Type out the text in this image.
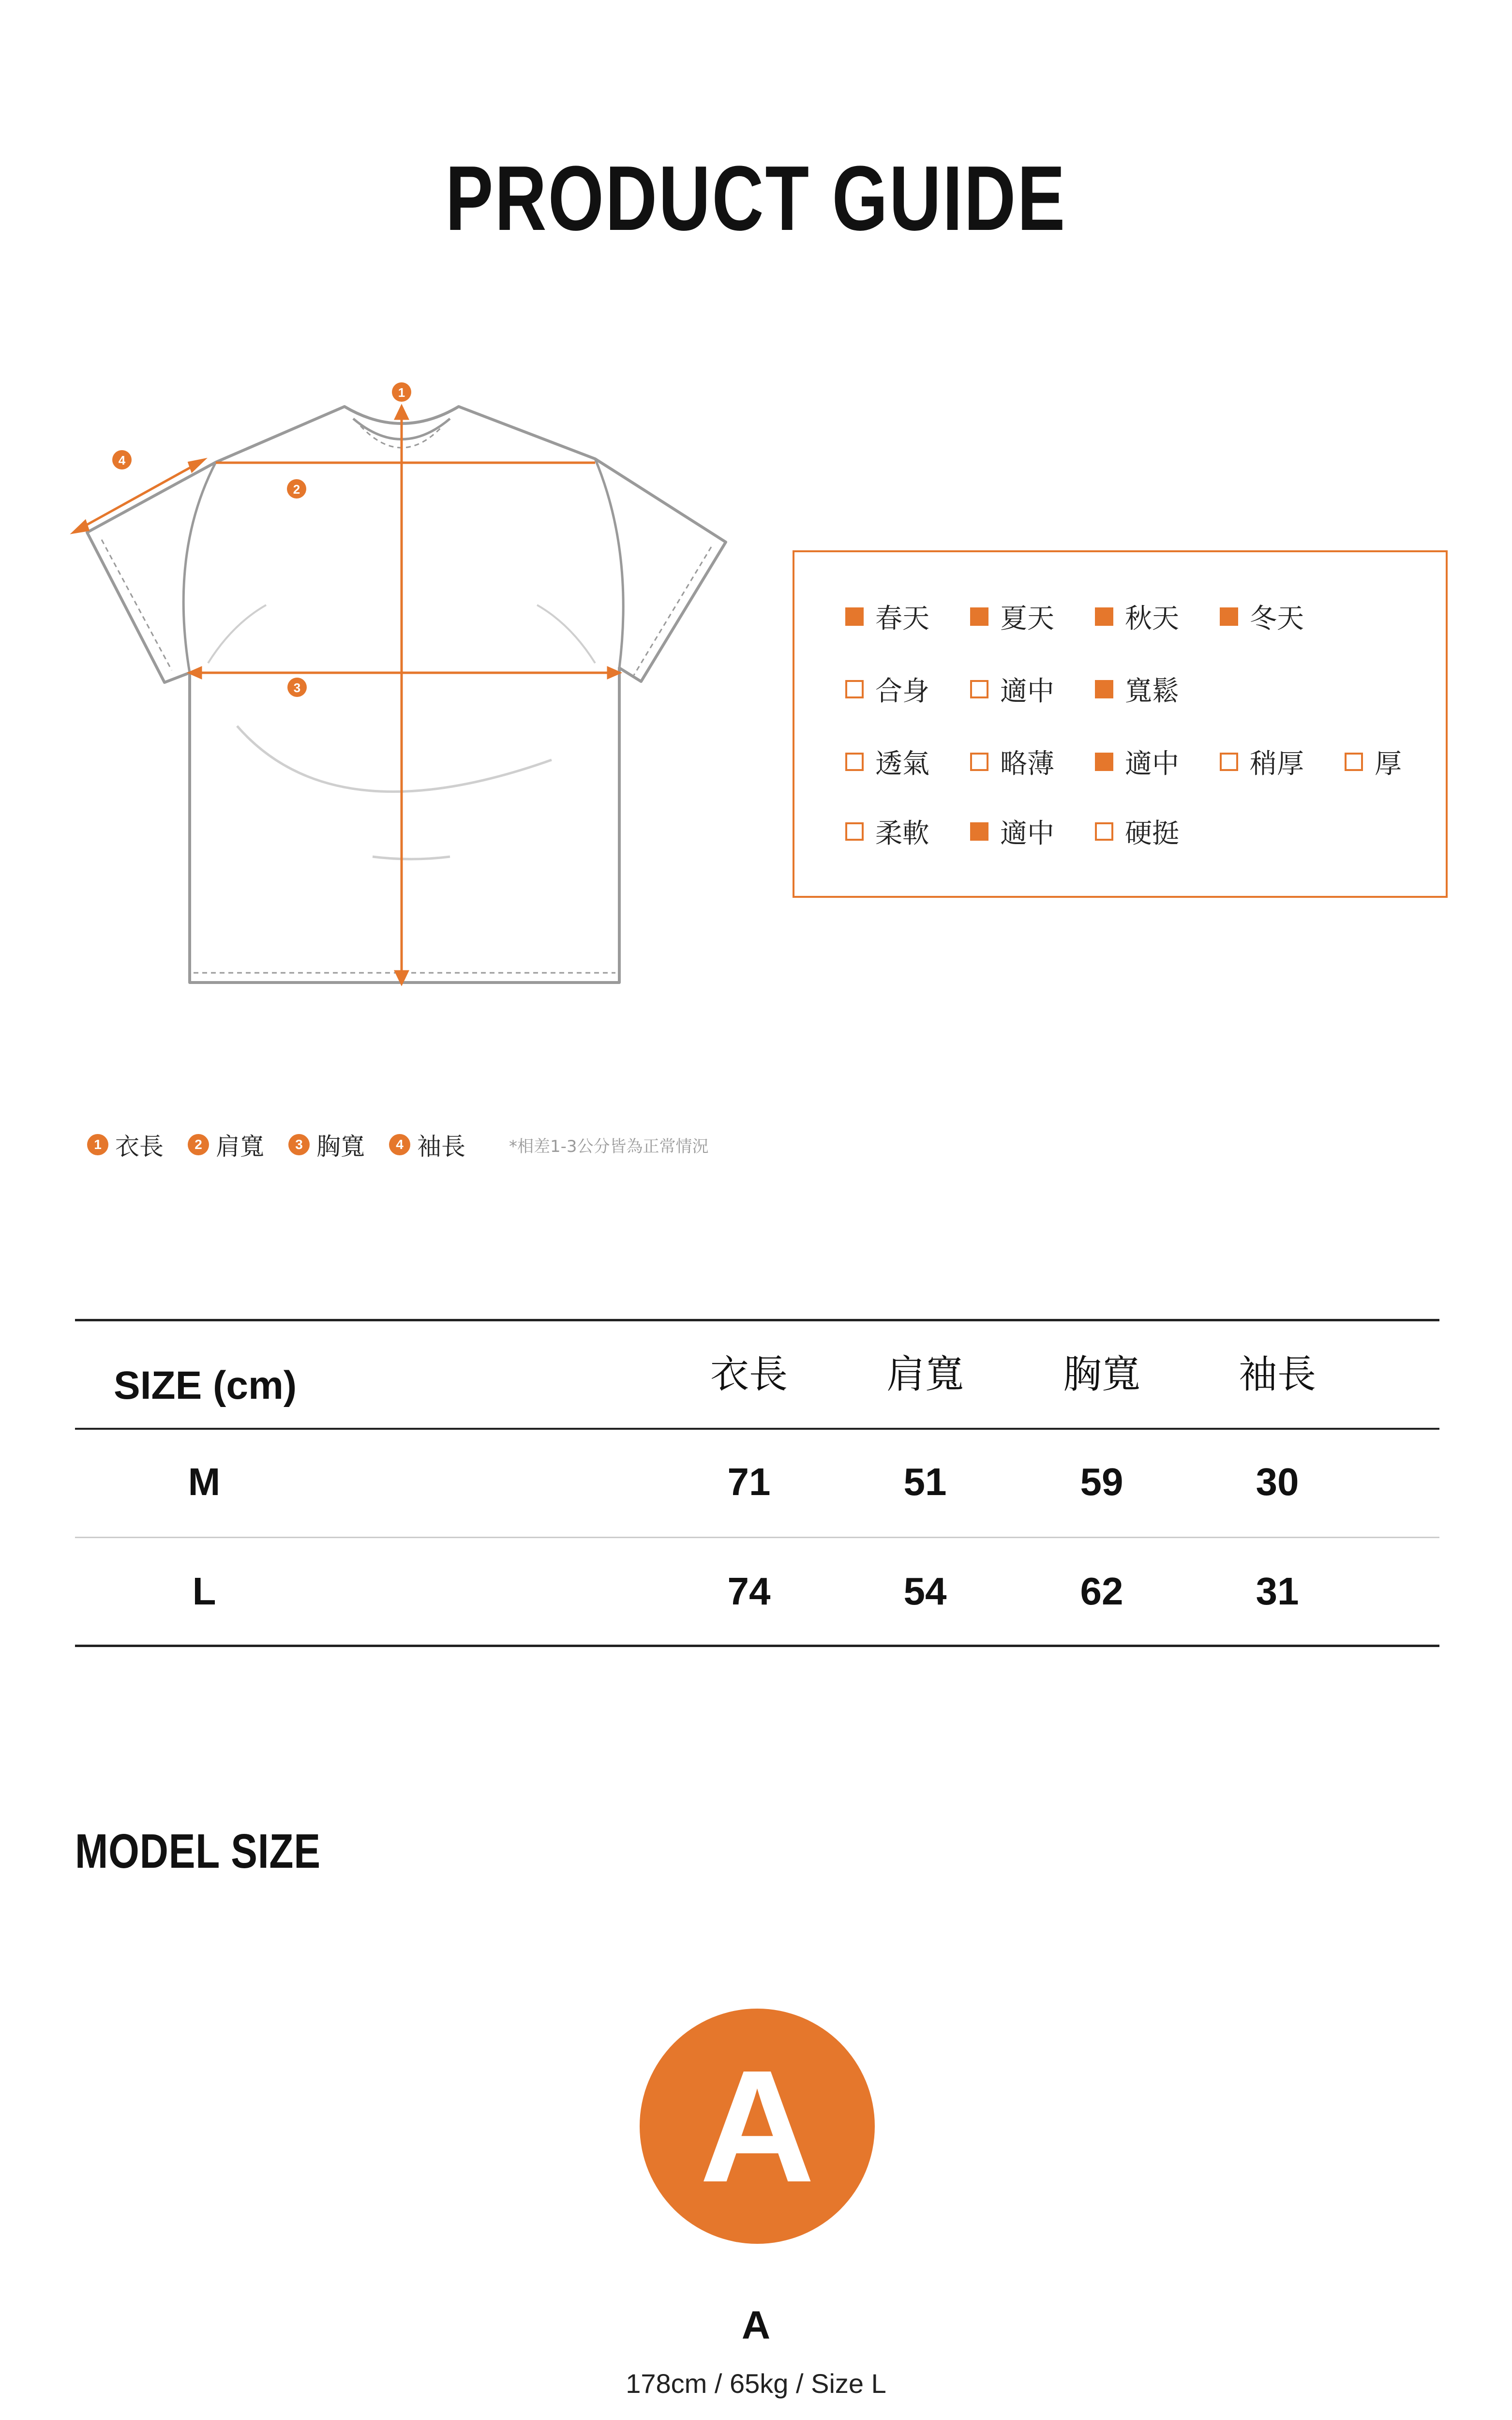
PRODUCT GUIDE
1
2
3
4
春天	夏天	秋天	冬天
合身	適中	寬鬆
透氣	略薄	適中	稍厚	厚
柔軟	適中	硬挺
1 衣長	2 肩寬	3 胸寬	4 袖長	*相差1-3公分皆為正常情況
SIZE (cm)	衣長	肩寬	胸寬	袖長
M	71	51	59	30
L	74	54	62	31
MODEL SIZE
A
A
178cm / 65kg / Size L
